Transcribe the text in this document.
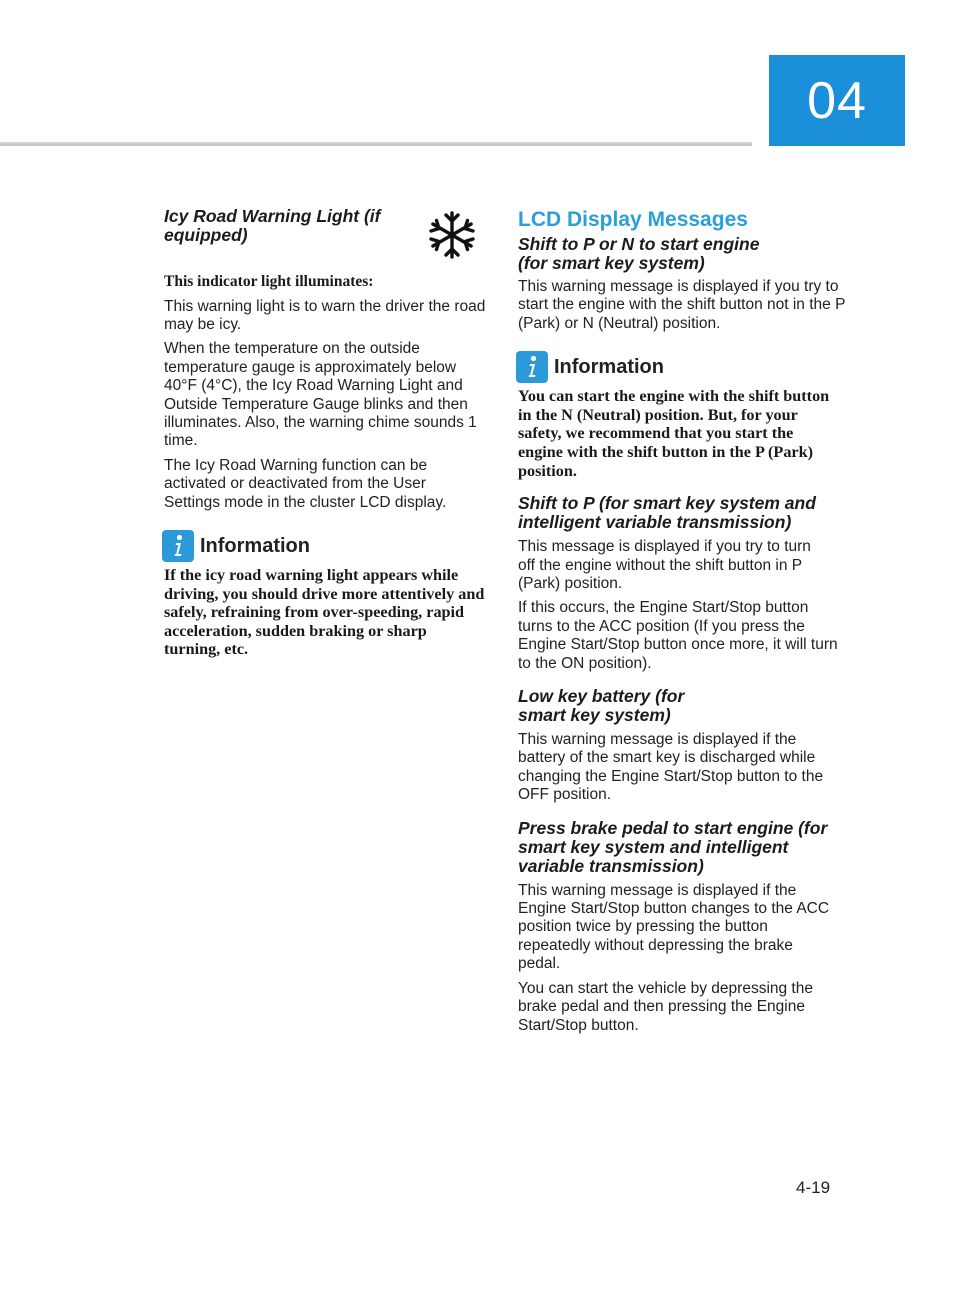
04
Icy Road Warning Light (if equipped)

This indicator light illuminates:

This warning light is to warn the driver the road may be icy.

When the temperature on the outside temperature gauge is approximately below 40°F (4°C), the Icy Road Warning Light and Outside Temperature Gauge blinks and then illuminates. Also, the warning chime sounds 1 time.

The Icy Road Warning function can be activated or deactivated from the User Settings mode in the cluster LCD display.

Information

If the icy road warning light appears while driving, you should drive more attentively and safely, refraining from over-speeding, rapid acceleration, sudden braking or sharp turning, etc.

LCD Display Messages
Shift to P or N to start engine (for smart key system)

This warning message is displayed if you try to start the engine with the shift button not in the P (Park) or N (Neutral) position.

Information

You can start the engine with the shift button in the N (Neutral) position. But, for your safety, we recommend that you start the engine with the shift button in the P (Park) position.

Shift to P (for smart key system and intelligent variable transmission)

This message is displayed if you try to turn off the engine without the shift button in P (Park) position.

If this occurs, the Engine Start/Stop button turns to the ACC position (If you press the Engine Start/Stop button once more, it will turn to the ON position).

Low key battery (for smart key system)

This warning message is displayed if the battery of the smart key is discharged while changing the Engine Start/Stop button to the OFF position.

Press brake pedal to start engine (for smart key system and intelligent variable transmission)

This warning message is displayed if the Engine Start/Stop button changes to the ACC position twice by pressing the button repeatedly without depressing the brake pedal.

You can start the vehicle by depressing the brake pedal and then pressing the Engine Start/Stop button.

4-19
